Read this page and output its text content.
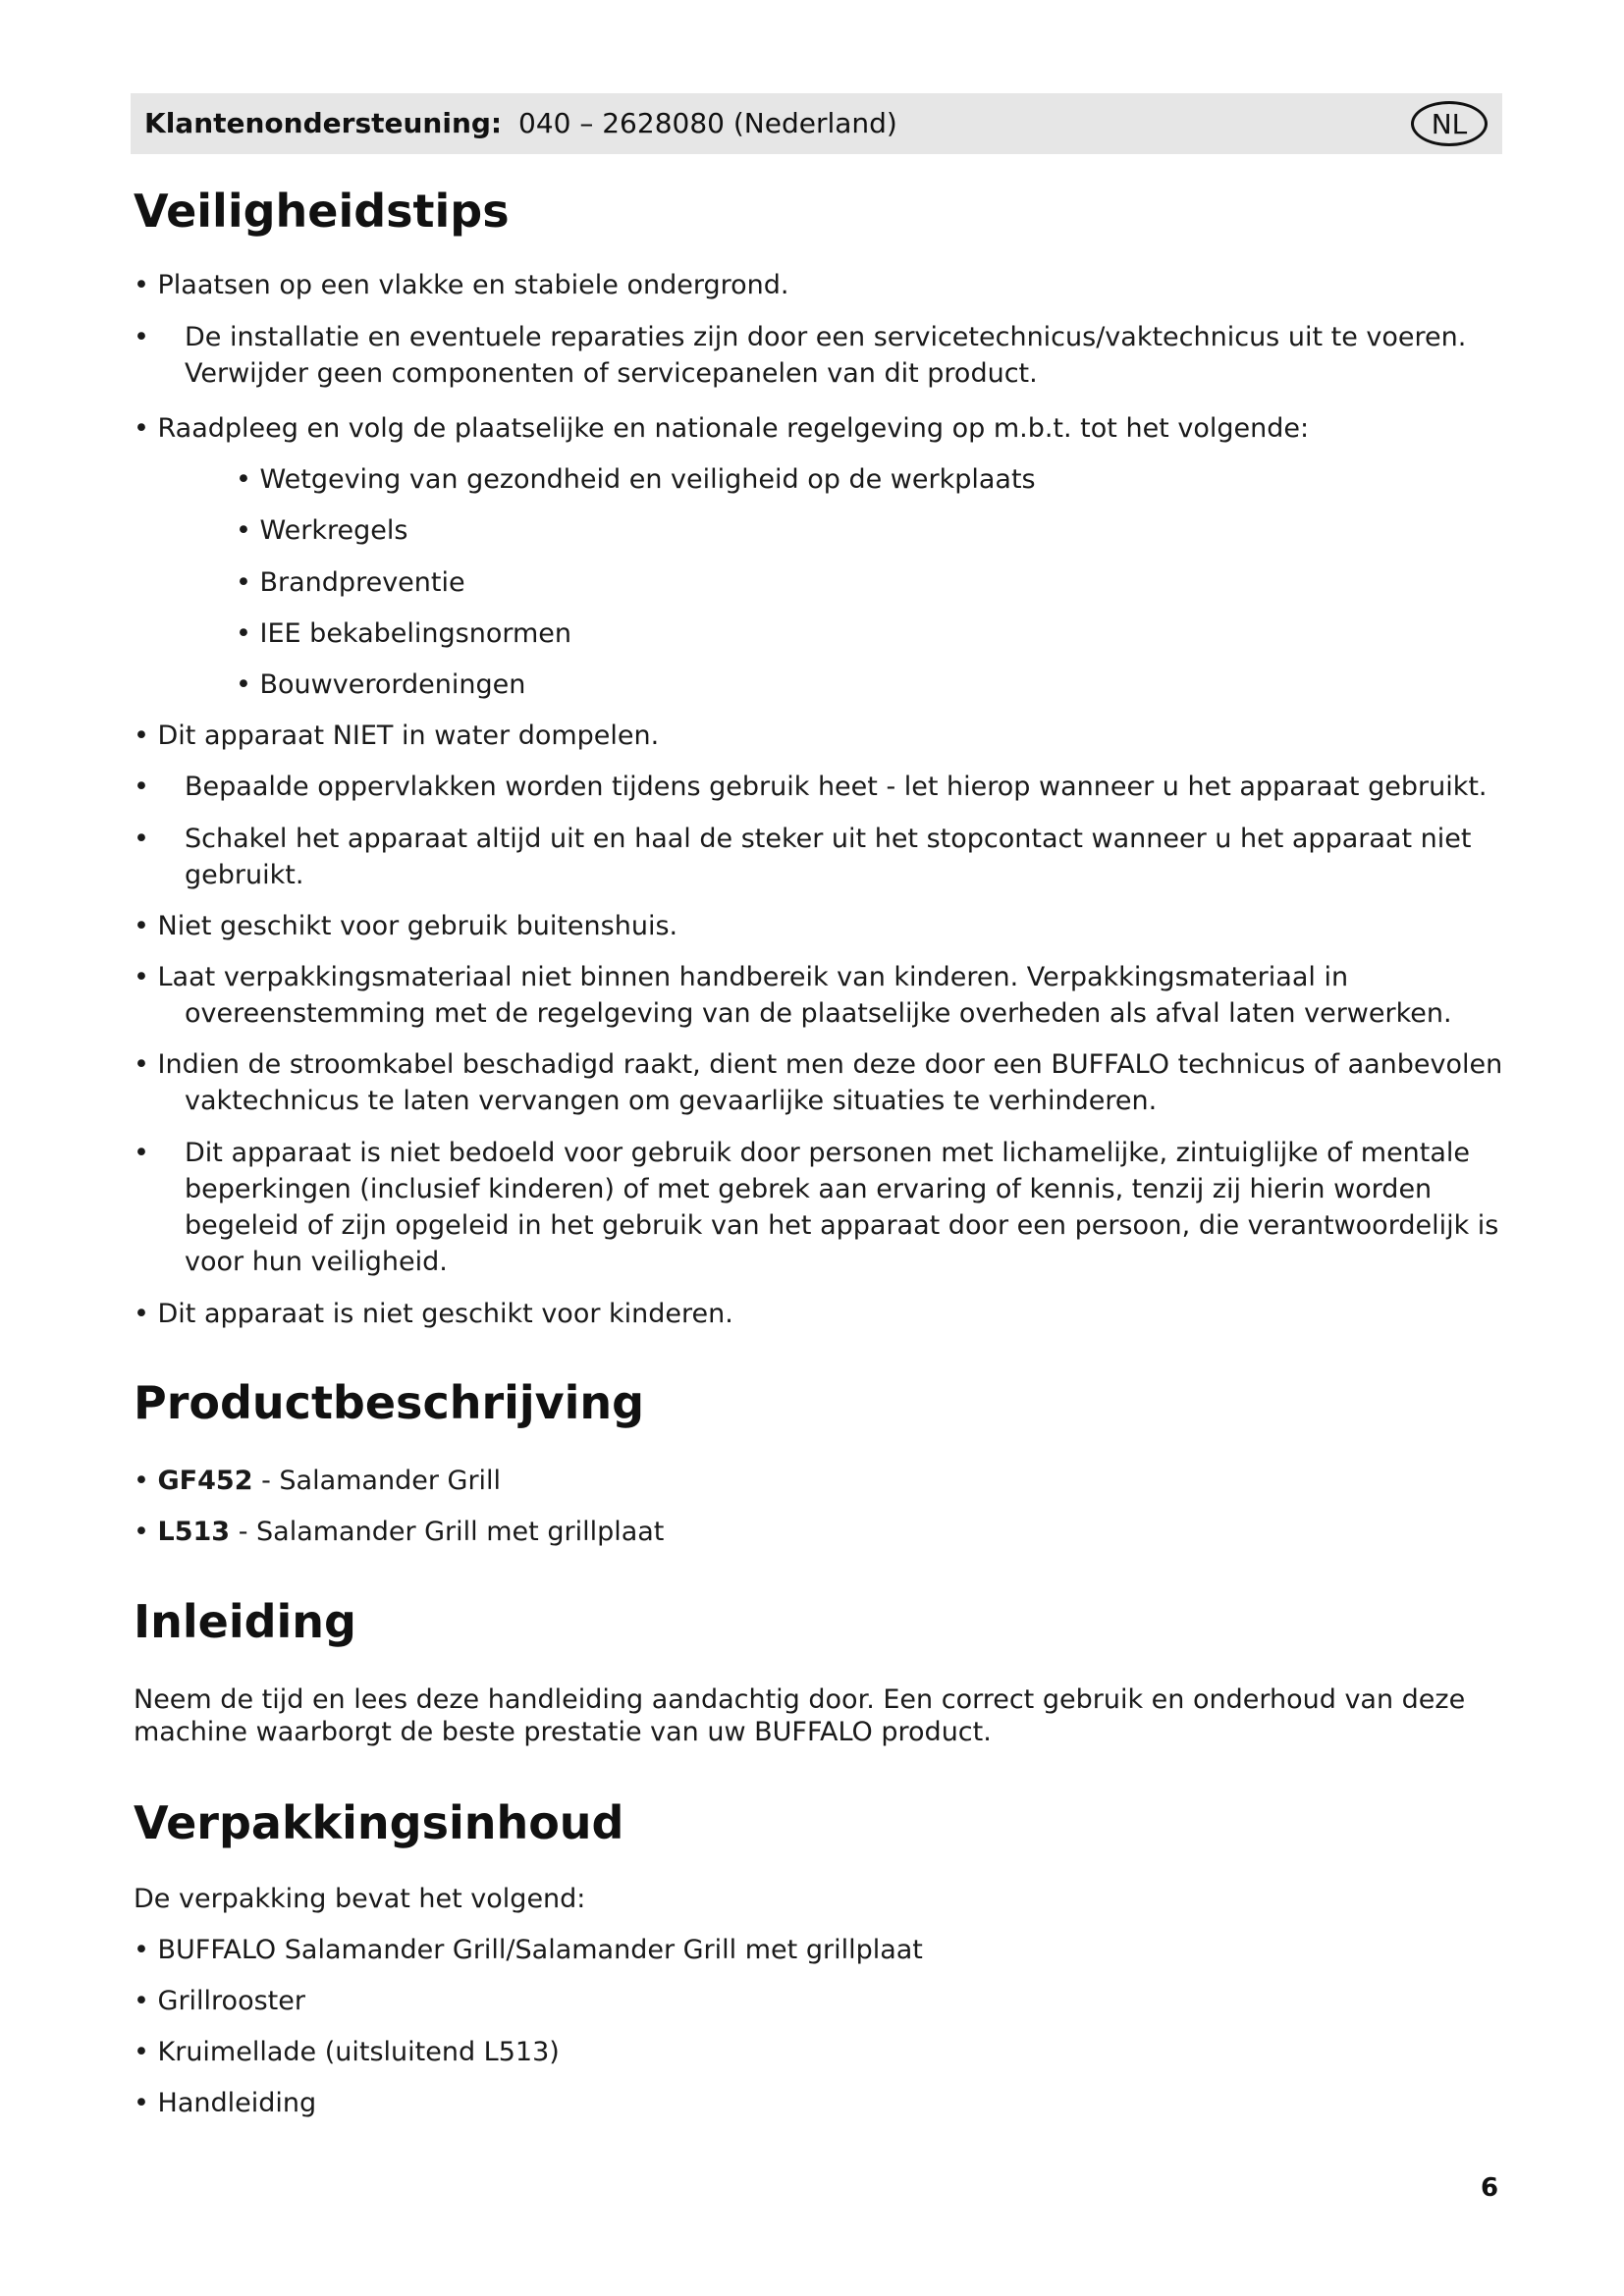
Klantenondersteuning: 040 – 2628080 (Nederland)	NL
Veiligheidstips
• Plaatsen op een vlakke en stabiele ondergrond.
• De installatie en eventuele reparaties zijn door een servicetechnicus/vaktechnicus uit te voeren.
Verwijder geen componenten of servicepanelen van dit product.
• Raadpleeg en volg de plaatselijke en nationale regelgeving op m.b.t. tot het volgende:
• Wetgeving van gezondheid en veiligheid op de werkplaats
• Werkregels
• Brandpreventie
• IEE bekabelingsnormen
• Bouwverordeningen
• Dit apparaat NIET in water dompelen.
• Bepaalde oppervlakken worden tijdens gebruik heet - let hierop wanneer u het apparaat gebruikt.
• Schakel het apparaat altijd uit en haal de steker uit het stopcontact wanneer u het apparaat niet
gebruikt.
• Niet geschikt voor gebruik buitenshuis.
• Laat verpakkingsmateriaal niet binnen handbereik van kinderen. Verpakkingsmateriaal in
overeenstemming met de regelgeving van de plaatselijke overheden als afval laten verwerken.
• Indien de stroomkabel beschadigd raakt, dient men deze door een BUFFALO technicus of aanbevolen
vaktechnicus te laten vervangen om gevaarlijke situaties te verhinderen.
• Dit apparaat is niet bedoeld voor gebruik door personen met lichamelijke, zintuiglijke of mentale
beperkingen (inclusief kinderen) of met gebrek aan ervaring of kennis, tenzij zij hierin worden
begeleid of zijn opgeleid in het gebruik van het apparaat door een persoon, die verantwoordelijk is
voor hun veiligheid.
• Dit apparaat is niet geschikt voor kinderen.
Productbeschrijving
• GF452 - Salamander Grill
• L513 - Salamander Grill met grillplaat
Inleiding
Neem de tijd en lees deze handleiding aandachtig door. Een correct gebruik en onderhoud van deze
machine waarborgt de beste prestatie van uw BUFFALO product.
Verpakkingsinhoud
De verpakking bevat het volgend:
• BUFFALO Salamander Grill/Salamander Grill met grillplaat
• Grillrooster
• Kruimellade (uitsluitend L513)
• Handleiding
6
